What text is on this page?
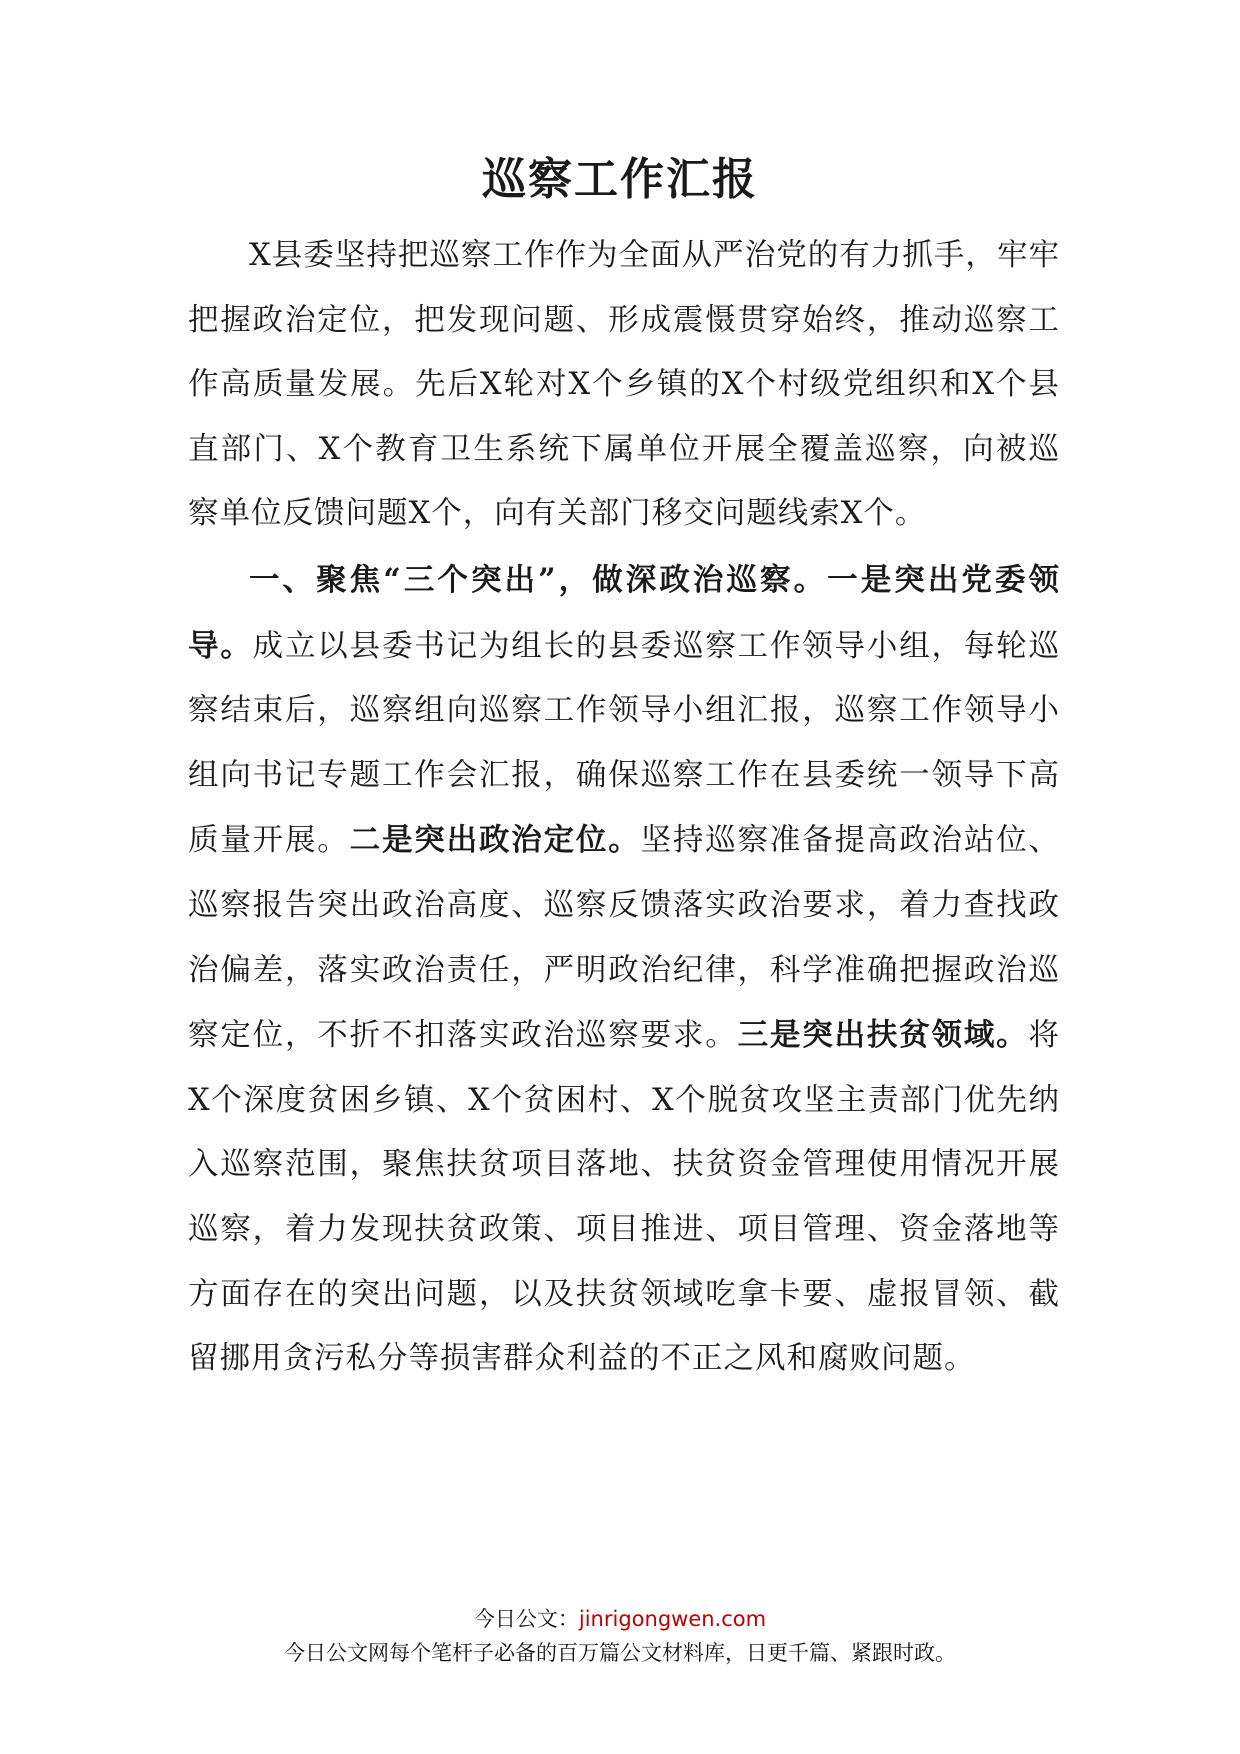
巡察工作汇报

X县委坚持把巡察工作作为全面从严治党的有力抓手，牢牢把握政治定位，把发现问题、形成震慑贯穿始终，推动巡察工作高质量发展。先后X轮对X个乡镇的X个村级党组织和X个县直部门、X个教育卫生系统下属单位开展全覆盖巡察，向被巡察单位反馈问题X个，向有关部门移交问题线索X个。

一、聚焦“三个突出”，做深政治巡察。一是突出党委领导。成立以县委书记为组长的县委巡察工作领导小组，每轮巡察结束后，巡察组向巡察工作领导小组汇报，巡察工作领导小组向书记专题工作会汇报，确保巡察工作在县委统一领导下高质量开展。二是突出政治定位。坚持巡察准备提高政治站位、巡察报告突出政治高度、巡察反馈落实政治要求，着力查找政治偏差，落实政治责任，严明政治纪律，科学准确把握政治巡察定位，不折不扣落实政治巡察要求。三是突出扶贫领域。将X个深度贫困乡镇、X个贫困村、X个脱贫攻坚主责部门优先纳入巡察范围，聚焦扶贫项目落地、扶贫资金管理使用情况开展巡察，着力发现扶贫政策、项目推进、项目管理、资金落地等方面存在的突出问题，以及扶贫领域吃拿卡要、虚报冒领、截留挪用贪污私分等损害群众利益的不正之风和腐败问题。

今日公文：jinrigongwen.com
今日公文网每个笔杆子必备的百万篇公文材料库，日更千篇、紧跟时政。
